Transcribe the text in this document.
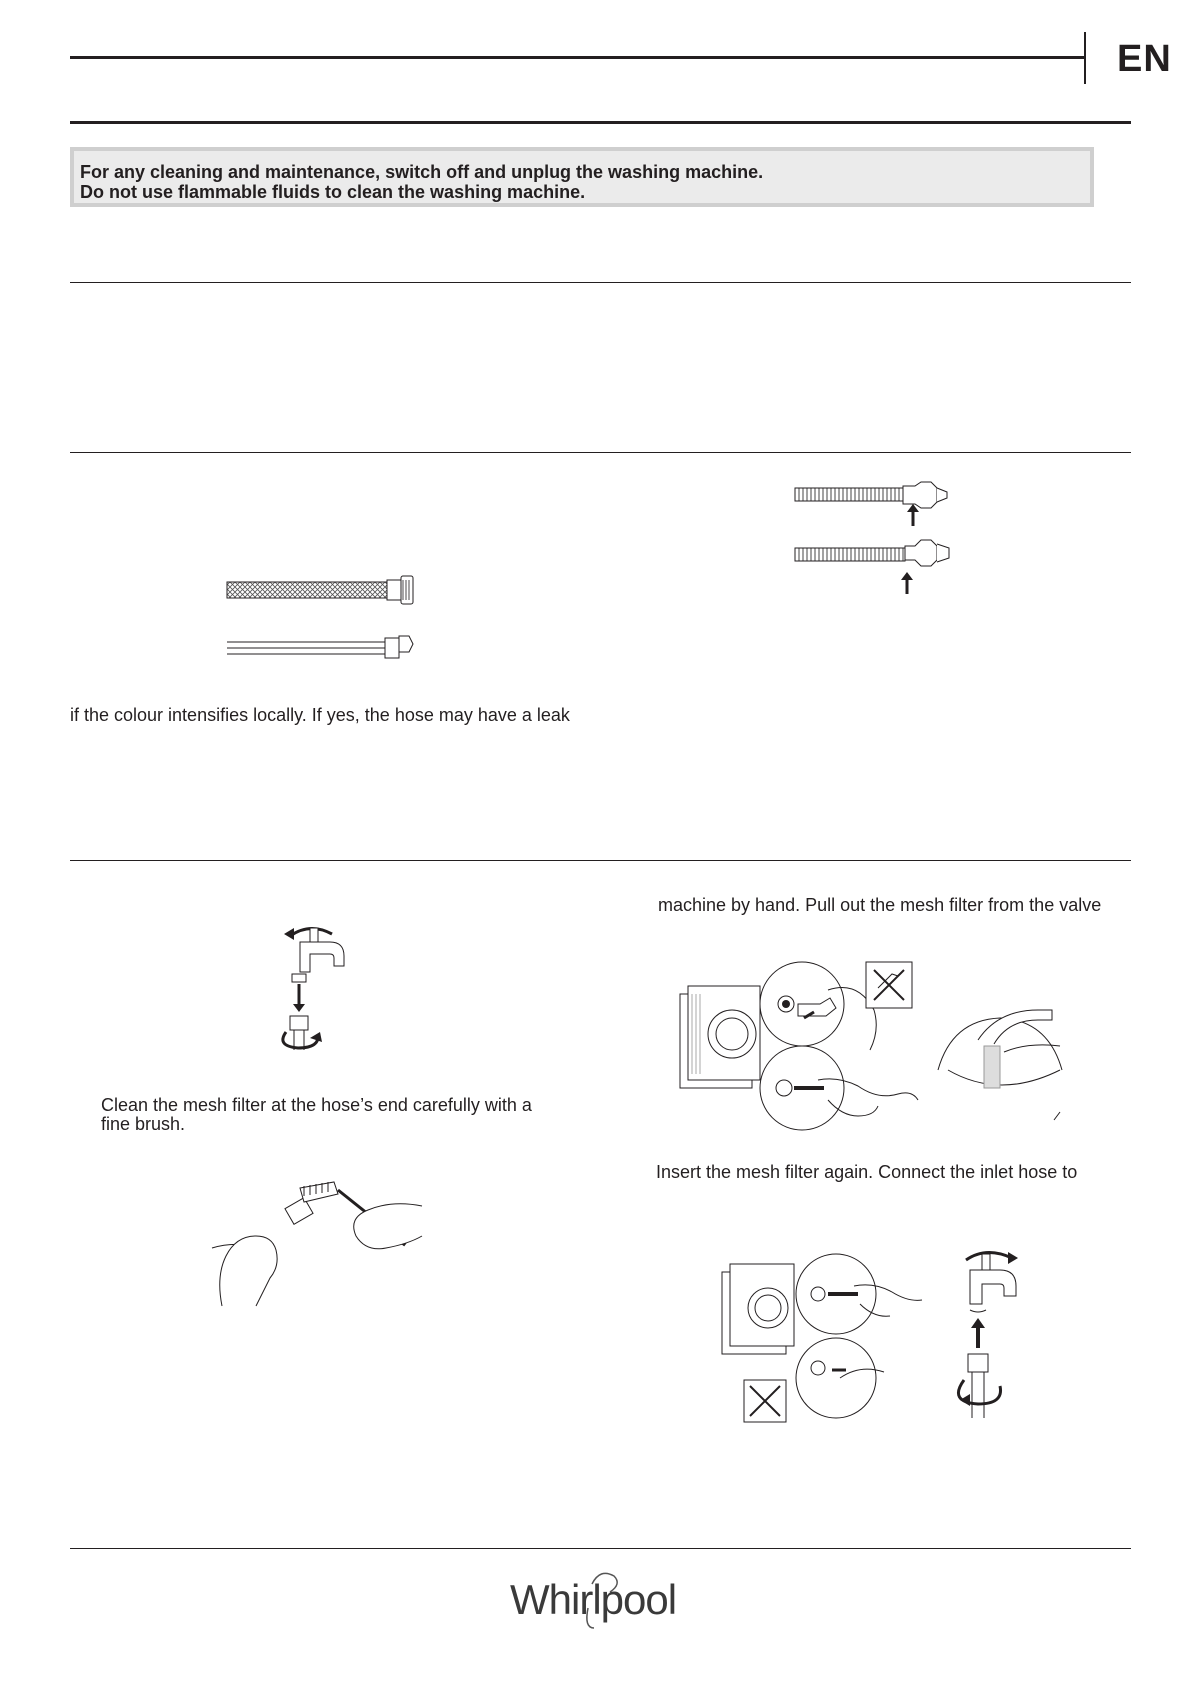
EN

For any cleaning and maintenance, switch off and unplug the washing machine.

Do not use flammable fluids to clean the washing machine.

if the colour intensifies locally. If yes, the hose may have a leak
Clean the mesh filter at the hose’s end carefully with a
fine brush.
machine by hand. Pull out the mesh filter from the valve
Insert the mesh filter again. Connect the inlet hose to
Whirlpool
